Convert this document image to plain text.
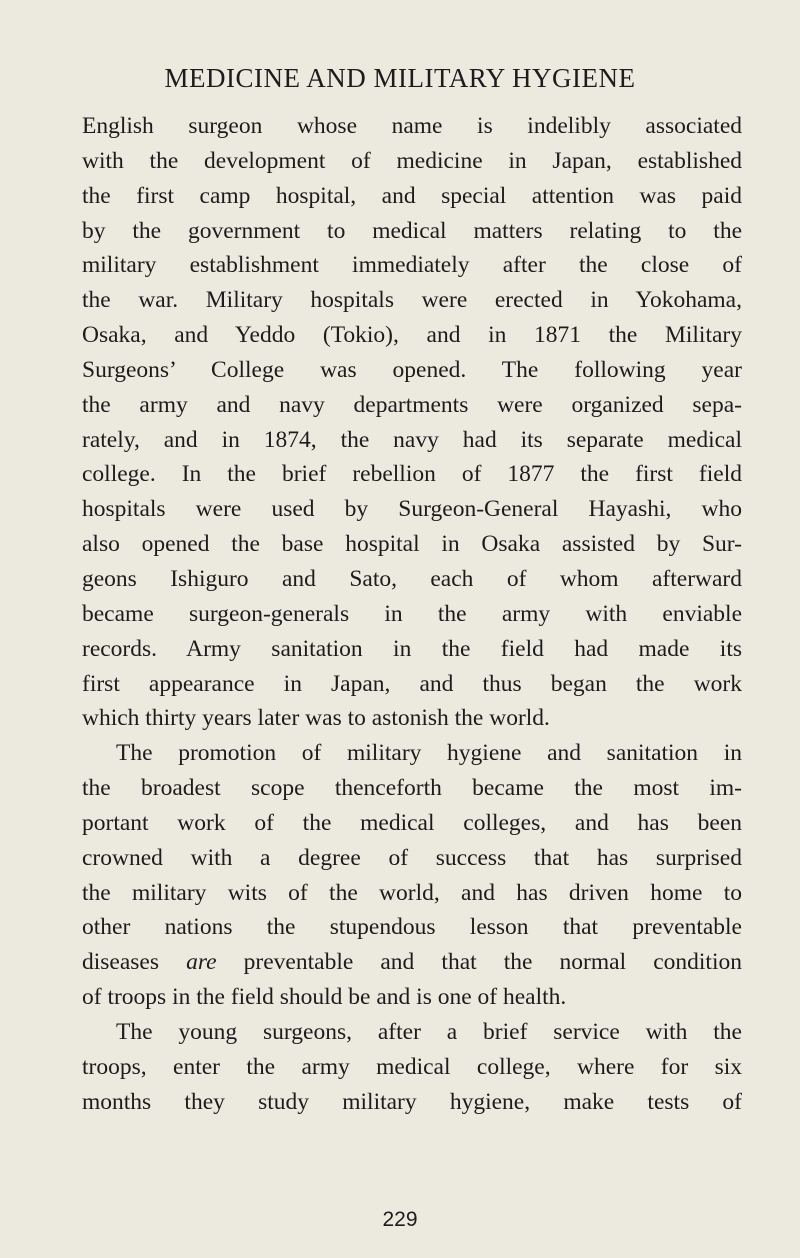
MEDICINE AND MILITARY HYGIENE
English surgeon whose name is indelibly associated
with the development of medicine in Japan, established
the first camp hospital, and special attention was paid
by the government to medical matters relating to the
military establishment immediately after the close of
the war. Military hospitals were erected in Yokohama,
Osaka, and Yeddo (Tokio), and in 1871 the Military
Surgeons’ College was opened. The following year
the army and navy departments were organized sepa-
rately, and in 1874, the navy had its separate medical
college. In the brief rebellion of 1877 the first field
hospitals were used by Surgeon-General Hayashi, who
also opened the base hospital in Osaka assisted by Sur-
geons Ishiguro and Sato, each of whom afterward
became surgeon-generals in the army with enviable
records. Army sanitation in the field had made its
first appearance in Japan, and thus began the work
which thirty years later was to astonish the world.
The promotion of military hygiene and sanitation in
the broadest scope thenceforth became the most im-
portant work of the medical colleges, and has been
crowned with a degree of success that has surprised
the military wits of the world, and has driven home to
other nations the stupendous lesson that preventable
diseases are preventable and that the normal condition
of troops in the field should be and is one of health.
The young surgeons, after a brief service with the
troops, enter the army medical college, where for six
months they study military hygiene, make tests of
229
